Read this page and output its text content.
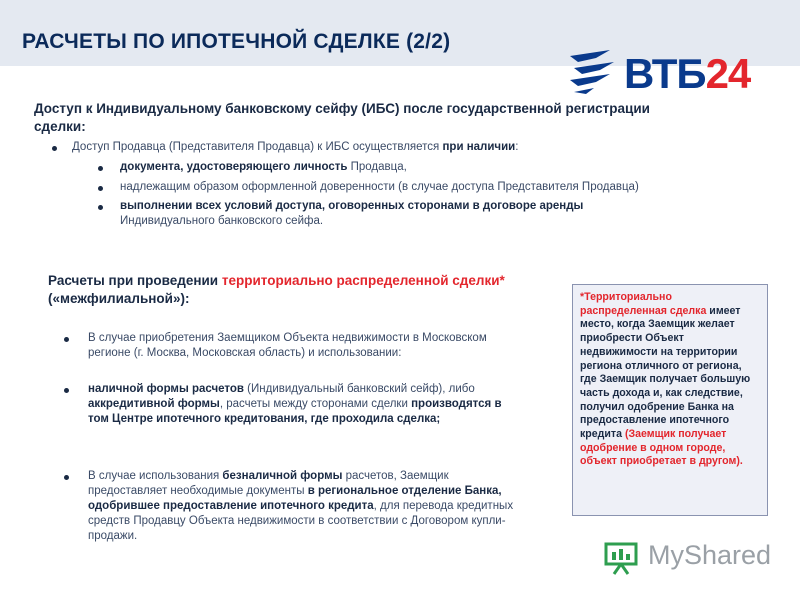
РАСЧЕТЫ ПО ИПОТЕЧНОЙ СДЕЛКЕ (2/2)
ВТБ24
Доступ к Индивидуальному банковскому сейфу (ИБС) после государственной регистрации сделки:
Доступ Продавца (Представителя Продавца) к ИБС осуществляется при наличии:
документа, удостоверяющего личность Продавца,
надлежащим образом оформленной доверенности (в случае доступа Представителя Продавца)
выполнении всех условий доступа, оговоренных сторонами в договоре аренды
Индивидуального банковского сейфа.
Расчеты при проведении территориально распределенной сделки* («межфилиальной»):
В случае приобретения Заемщиком Объекта недвижимости в Московском регионе (г. Москва, Московская область) и использовании:
наличной формы расчетов (Индивидуальный банковский сейф), либо аккредитивной формы, расчеты между сторонами сделки производятся в том Центре ипотечного кредитования, где проходила сделка;
В случае использования безналичной формы расчетов, Заемщик предоставляет необходимые документы в региональное отделение Банка, одобрившее предоставление ипотечного кредита, для перевода кредитных средств Продавцу Объекта недвижимости в соответствии с Договором купли-продажи.
*Территориально распределенная сделка имеет место, когда Заемщик желает приобрести Объект недвижимости на территории региона отличного от региона, где Заемщик получает большую часть дохода и, как следствие, получил одобрение Банка на предоставление ипотечного кредита (Заемщик получает одобрение в одном городе, объект приобретает в другом).
MyShared
